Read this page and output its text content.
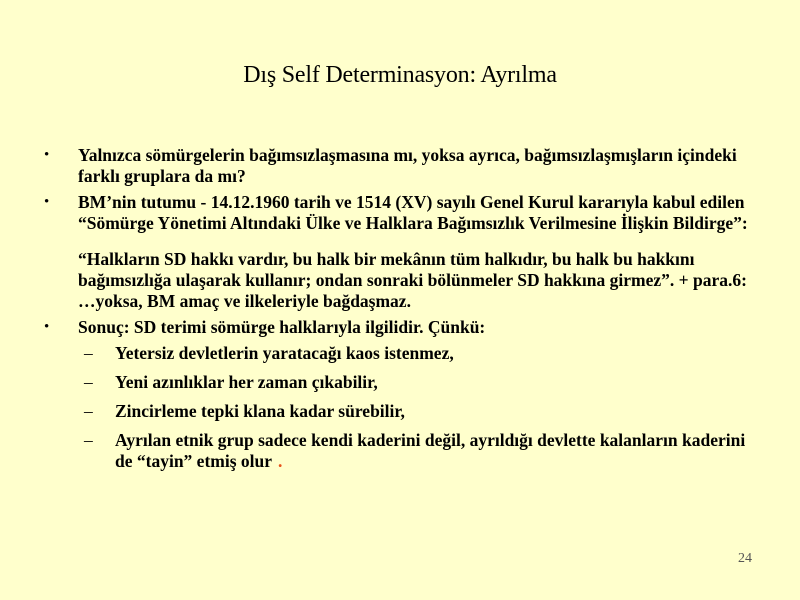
Dış Self Determinasyon: Ayrılma
• Yalnızca sömürgelerin bağımsızlaşmasına mı, yoksa ayrıca, bağımsızlaşmışların içindeki farklı gruplara da mı?
• BM’nin tutumu - 14.12.1960 tarih ve 1514 (XV) sayılı Genel Kurul kararıyla kabul edilen “Sömürge Yönetimi Altındaki Ülke ve Halklara Bağımsızlık Verilmesine İlişkin Bildirge”:
“Halkların SD hakkı vardır, bu halk bir mekânın tüm halkıdır, bu halk bu hakkını bağımsızlığa ulaşarak kullanır; ondan sonraki bölünmeler SD hakkına girmez”. + para.6: …yoksa, BM amaç ve ilkeleriyle bağdaşmaz.
• Sonuç: SD terimi sömürge halklarıyla ilgilidir. Çünkü:
– Yetersiz devletlerin yaratacağı kaos istenmez,
– Yeni azınlıklar her zaman çıkabilir,
– Zincirleme tepki klana kadar sürebilir,
– Ayrılan etnik grup sadece kendi kaderini değil, ayrıldığı devlette kalanların kaderini de “tayin” etmiş olur .
24
